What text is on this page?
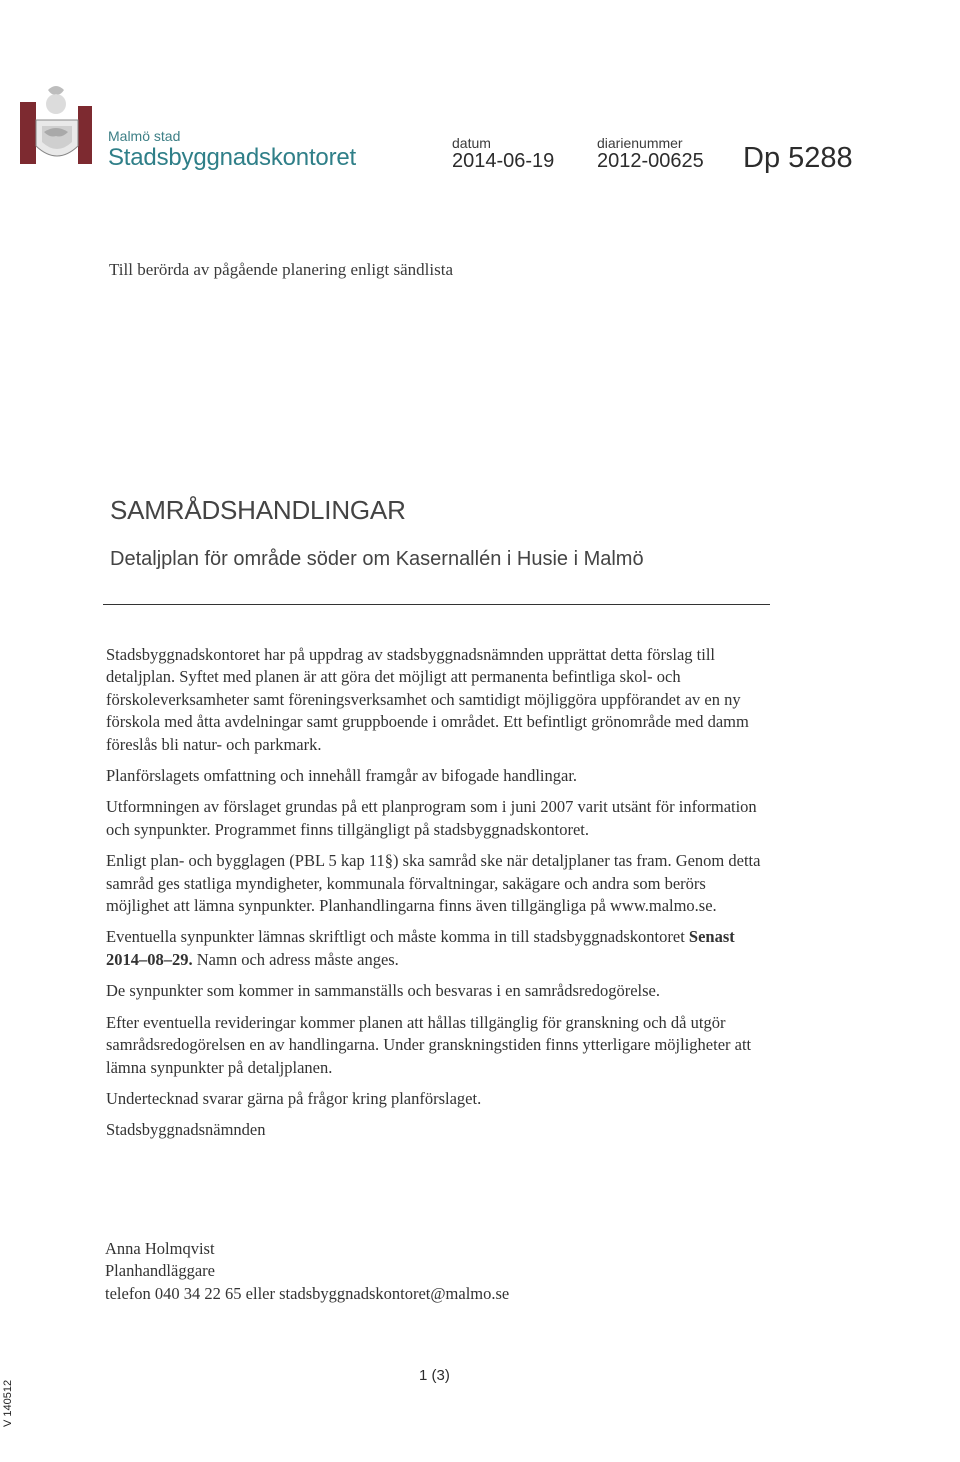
Malmö stad
Stadsbyggnadskontoret
datum
2014-06-19
diarienummer
2012-00625 Dp 5288
Till berörda av pågående planering enligt sändlista
SAMRÅDSHANDLINGAR
Detaljplan för område söder om Kasernallén i Husie i Malmö

Stadsbyggnadskontoret har på uppdrag av stadsbyggnadsnämnden upprättat detta förslag till detaljplan. Syftet med planen är att göra det möjligt att permanenta befintliga skol- och förskoleverksamheter samt föreningsverksamhet och samtidigt möjliggöra uppförandet av en ny förskola med åtta avdelningar samt gruppboende i området. Ett befintligt grönområde med damm föreslås bli natur- och parkmark.

Planförslagets omfattning och innehåll framgår av bifogade handlingar.

Utformningen av förslaget grundas på ett planprogram som i juni 2007 varit utsänt för information och synpunkter. Programmet finns tillgängligt på stadsbyggnadskontoret.

Enligt plan- och bygglagen (PBL 5 kap 11§) ska samråd ske när detaljplaner tas fram. Genom detta samråd ges statliga myndigheter, kommunala förvaltningar, sakägare och andra som berörs möjlighet att lämna synpunkter. Planhandlingarna finns även tillgängliga på www.malmo.se.

Eventuella synpunkter lämnas skriftligt och måste komma in till stadsbyggnadskontoret Senast 2014–08–29. Namn och adress måste anges.

De synpunkter som kommer in sammanställs och besvaras i en samrådsredogörelse.

Efter eventuella revideringar kommer planen att hållas tillgänglig för granskning och då utgör samrådsredogörelsen en av handlingarna. Under granskningstiden finns ytterligare möjligheter att lämna synpunkter på detaljplanen.

Undertecknad svarar gärna på frågor kring planförslaget.

Stadsbyggnadsnämnden

Anna Holmqvist
Planhandläggare
telefon 040 34 22 65 eller stadsbyggnadskontoret@malmo.se
V 140512
1 (3)
